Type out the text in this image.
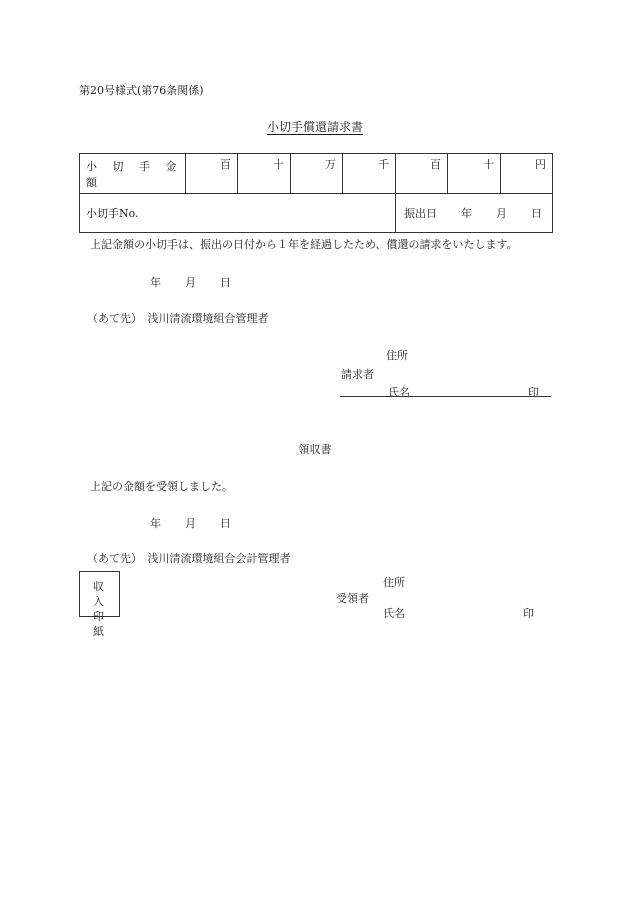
第20号様式(第76条関係)
小切手償還請求書
小 切 手 金 額	百	十	万	千	百	十	円
小切手No.					振出日 年 月 日		
上記金額の小切手は、振出の日付から１年を経過したため、償還の請求をいたします。
年 月 日
（あて先）　浅川清流環境組合管理者
住所
請求者
氏名	印
領収書
上記の金額を受領しました。
年 月 日
（あて先）　浅川清流環境組合会計管理者
収入
印紙
住所
受領者
氏名	印
